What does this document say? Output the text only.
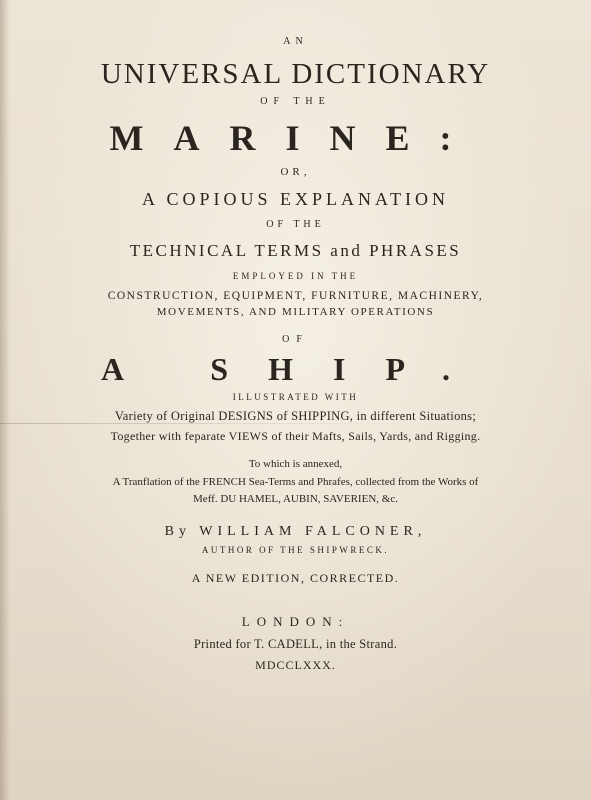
AN
UNIVERSAL DICTIONARY
OF THE
MARINE:
OR,
A COPIOUS EXPLANATION
OF THE
TECHNICAL TERMS and PHRASES
EMPLOYED IN THE
CONSTRUCTION, EQUIPMENT, FURNITURE, MACHINERY,
MOVEMENTS, AND MILITARY OPERATIONS
OF
A SHIP.
ILLUSTRATED WITH
Variety of Original DESIGNS of SHIPPING, in different Situations;
Together with feparate VIEWS of their Mafts, Sails, Yards, and Rigging.
To which is annexed,
A Tranflation of the FRENCH Sea-Terms and Phrafes, collected from the Works of
Meff. DU HAMEL, AUBIN, SAVERIEN, &c.
By WILLIAM FALCONER,
AUTHOR OF THE SHIPWRECK.
A NEW EDITION, CORRECTED.
LONDON:
Printed for T. CADELL, in the Strand.
MDCCLXXX.
